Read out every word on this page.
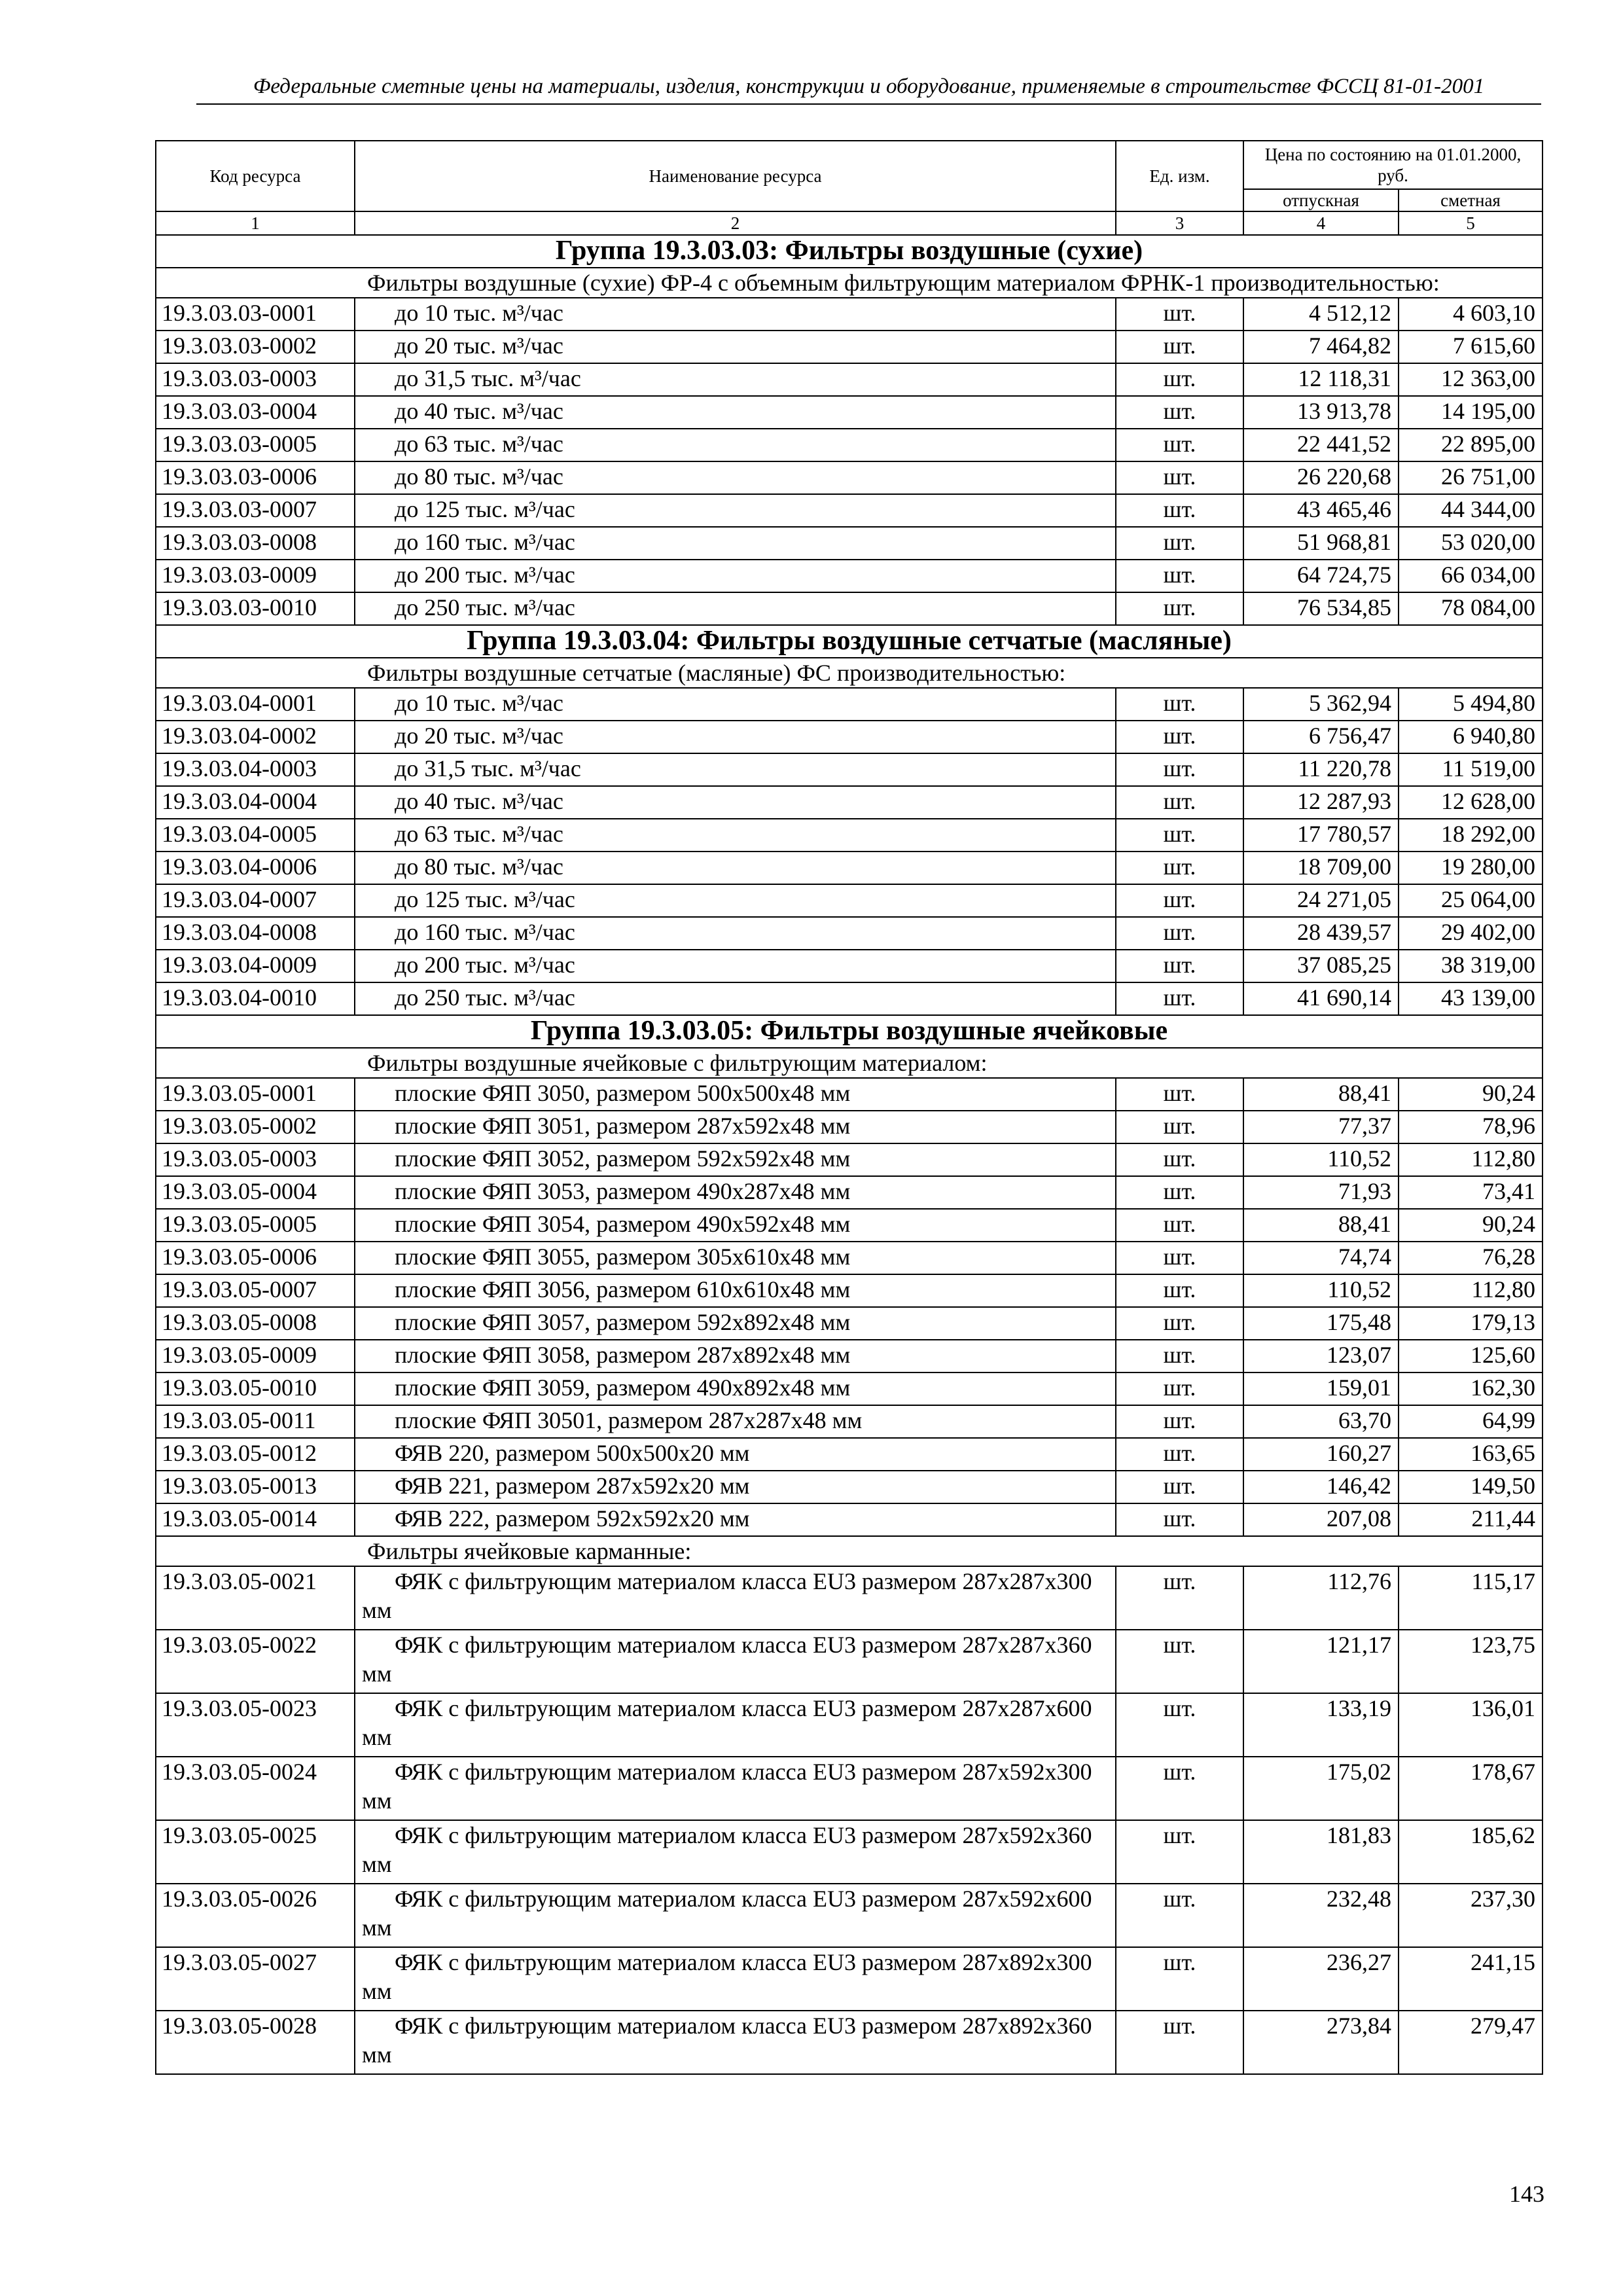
Федеральные сметные цены на материалы, изделия, конструкции и оборудование, применяемые в строительстве ФССЦ 81-01-2001
Код ресурса	Наименование ресурса	Ед. изм.	Цена по состоянию на 01.01.2000, руб.	
			отпускная	сметная
1	2	3	4	5
Группа 19.3.03.03: Фильтры воздушные (сухие)				
Фильтры воздушные (сухие) ФР-4 с объемным фильтрующим материалом ФРНК-1 производительностью:				
19.3.03.03-0001	до 10 тыс. м³/час	шт.	4 512,12	4 603,10
19.3.03.03-0002	до 20 тыс. м³/час	шт.	7 464,82	7 615,60
19.3.03.03-0003	до 31,5 тыс. м³/час	шт.	12 118,31	12 363,00
19.3.03.03-0004	до 40 тыс. м³/час	шт.	13 913,78	14 195,00
19.3.03.03-0005	до 63 тыс. м³/час	шт.	22 441,52	22 895,00
19.3.03.03-0006	до 80 тыс. м³/час	шт.	26 220,68	26 751,00
19.3.03.03-0007	до 125 тыс. м³/час	шт.	43 465,46	44 344,00
19.3.03.03-0008	до 160 тыс. м³/час	шт.	51 968,81	53 020,00
19.3.03.03-0009	до 200 тыс. м³/час	шт.	64 724,75	66 034,00
19.3.03.03-0010	до 250 тыс. м³/час	шт.	76 534,85	78 084,00
Группа 19.3.03.04: Фильтры воздушные сетчатые (масляные)				
Фильтры воздушные сетчатые (масляные) ФС производительностью:				
19.3.03.04-0001	до 10 тыс. м³/час	шт.	5 362,94	5 494,80
19.3.03.04-0002	до 20 тыс. м³/час	шт.	6 756,47	6 940,80
19.3.03.04-0003	до 31,5 тыс. м³/час	шт.	11 220,78	11 519,00
19.3.03.04-0004	до 40 тыс. м³/час	шт.	12 287,93	12 628,00
19.3.03.04-0005	до 63 тыс. м³/час	шт.	17 780,57	18 292,00
19.3.03.04-0006	до 80 тыс. м³/час	шт.	18 709,00	19 280,00
19.3.03.04-0007	до 125 тыс. м³/час	шт.	24 271,05	25 064,00
19.3.03.04-0008	до 160 тыс. м³/час	шт.	28 439,57	29 402,00
19.3.03.04-0009	до 200 тыс. м³/час	шт.	37 085,25	38 319,00
19.3.03.04-0010	до 250 тыс. м³/час	шт.	41 690,14	43 139,00
Группа 19.3.03.05: Фильтры воздушные ячейковые				
Фильтры воздушные ячейковые с фильтрующим материалом:				
19.3.03.05-0001	плоские ФЯП 3050, размером 500х500х48 мм	шт.	88,41	90,24
19.3.03.05-0002	плоские ФЯП 3051, размером 287х592х48 мм	шт.	77,37	78,96
19.3.03.05-0003	плоские ФЯП 3052, размером 592х592х48 мм	шт.	110,52	112,80
19.3.03.05-0004	плоские ФЯП 3053, размером 490х287х48 мм	шт.	71,93	73,41
19.3.03.05-0005	плоские ФЯП 3054, размером 490х592х48 мм	шт.	88,41	90,24
19.3.03.05-0006	плоские ФЯП 3055, размером 305х610х48 мм	шт.	74,74	76,28
19.3.03.05-0007	плоские ФЯП 3056, размером 610х610х48 мм	шт.	110,52	112,80
19.3.03.05-0008	плоские ФЯП 3057, размером 592х892х48 мм	шт.	175,48	179,13
19.3.03.05-0009	плоские ФЯП 3058, размером 287х892х48 мм	шт.	123,07	125,60
19.3.03.05-0010	плоские ФЯП 3059, размером 490х892х48 мм	шт.	159,01	162,30
19.3.03.05-0011	плоские ФЯП 30501, размером 287х287х48 мм	шт.	63,70	64,99
19.3.03.05-0012	ФЯВ 220, размером 500х500х20 мм	шт.	160,27	163,65
19.3.03.05-0013	ФЯВ 221, размером 287х592х20 мм	шт.	146,42	149,50
19.3.03.05-0014	ФЯВ 222, размером 592х592х20 мм	шт.	207,08	211,44
Фильтры ячейковые карманные:				
19.3.03.05-0021	ФЯК с фильтрующим материалом класса EU3 размером 287х287х300 мм	шт.	112,76	115,17
19.3.03.05-0022	ФЯК с фильтрующим материалом класса EU3 размером 287х287х360 мм	шт.	121,17	123,75
19.3.03.05-0023	ФЯК с фильтрующим материалом класса EU3 размером 287х287х600 мм	шт.	133,19	136,01
19.3.03.05-0024	ФЯК с фильтрующим материалом класса EU3 размером 287х592х300 мм	шт.	175,02	178,67
19.3.03.05-0025	ФЯК с фильтрующим материалом класса EU3 размером 287х592х360 мм	шт.	181,83	185,62
19.3.03.05-0026	ФЯК с фильтрующим материалом класса EU3 размером 287х592х600 мм	шт.	232,48	237,30
19.3.03.05-0027	ФЯК с фильтрующим материалом класса EU3 размером 287х892х300 мм	шт.	236,27	241,15
19.3.03.05-0028	ФЯК с фильтрующим материалом класса EU3 размером 287х892х360 мм	шт.	273,84	279,47
143
